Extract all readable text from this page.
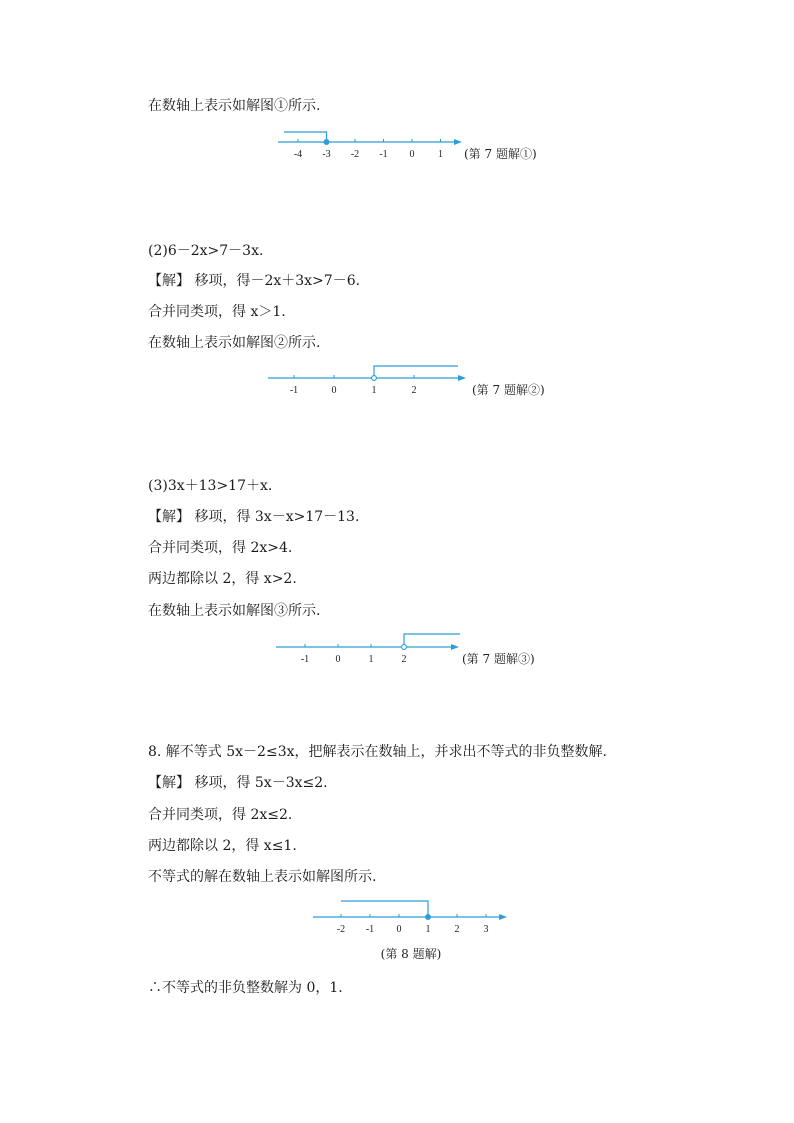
在数轴上表示如解图①所示.
-4 -3 -2 -1 0 1 (第 7 题解①)
(2)6－2x>7－3x.
【解】 移项，得－2x＋3x>7－6.
合并同类项，得 x＞1.
在数轴上表示如解图②所示.
-1	0	1	2	(第 7 题解②)
(3)3x＋13>17＋x.
【解】 移项，得 3x－x>17－13.
合并同类项，得 2x>4.
两边都除以 2，得 x>2.
在数轴上表示如解图③所示.
-1	0	1	2	(第 7 题解③)
8. 解不等式 5x－2≤3x，把解表示在数轴上，并求出不等式的非负整数解.
【解】 移项，得 5x－3x≤2.
合并同类项，得 2x≤2.
两边都除以 2，得 x≤1.
不等式的解在数轴上表示如解图所示.
-2 -1 0 1 2 3
(第 8 题解)
∴不等式的非负整数解为 0，1.
